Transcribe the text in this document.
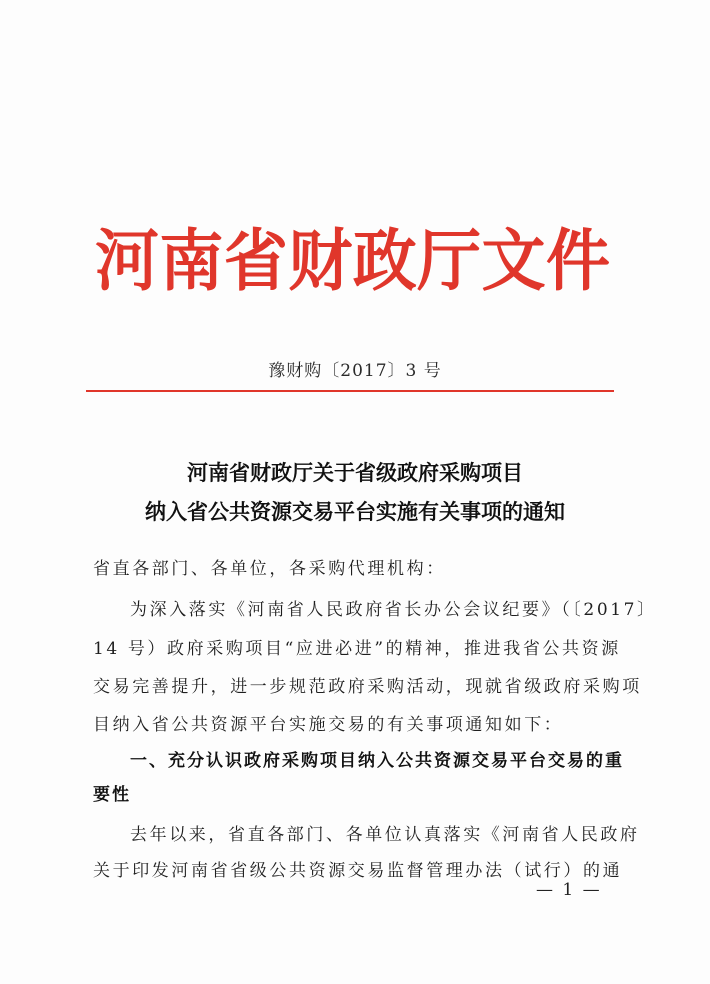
河 南 省 财 政 厅 文 件
豫财购〔2017〕3 号
河南省财政厅关于省级政府采购项目
纳入省公共资源交易平台实施有关事项的通知
省直各部门、各单位，各采购代理机构：
为深入落实《河南省人民政府省长办公会议纪要》（〔2017〕
14 号）政府采购项目“应进必进”的精神，推进我省公共资源
交易完善提升，进一步规范政府采购活动，现就省级政府采购项
目纳入省公共资源平台实施交易的有关事项通知如下：
一、充分认识政府采购项目纳入公共资源交易平台交易的重
要性
去年以来，省直各部门、各单位认真落实《河南省人民政府
关于印发河南省省级公共资源交易监督管理办法（试行）的通
— 1 —
